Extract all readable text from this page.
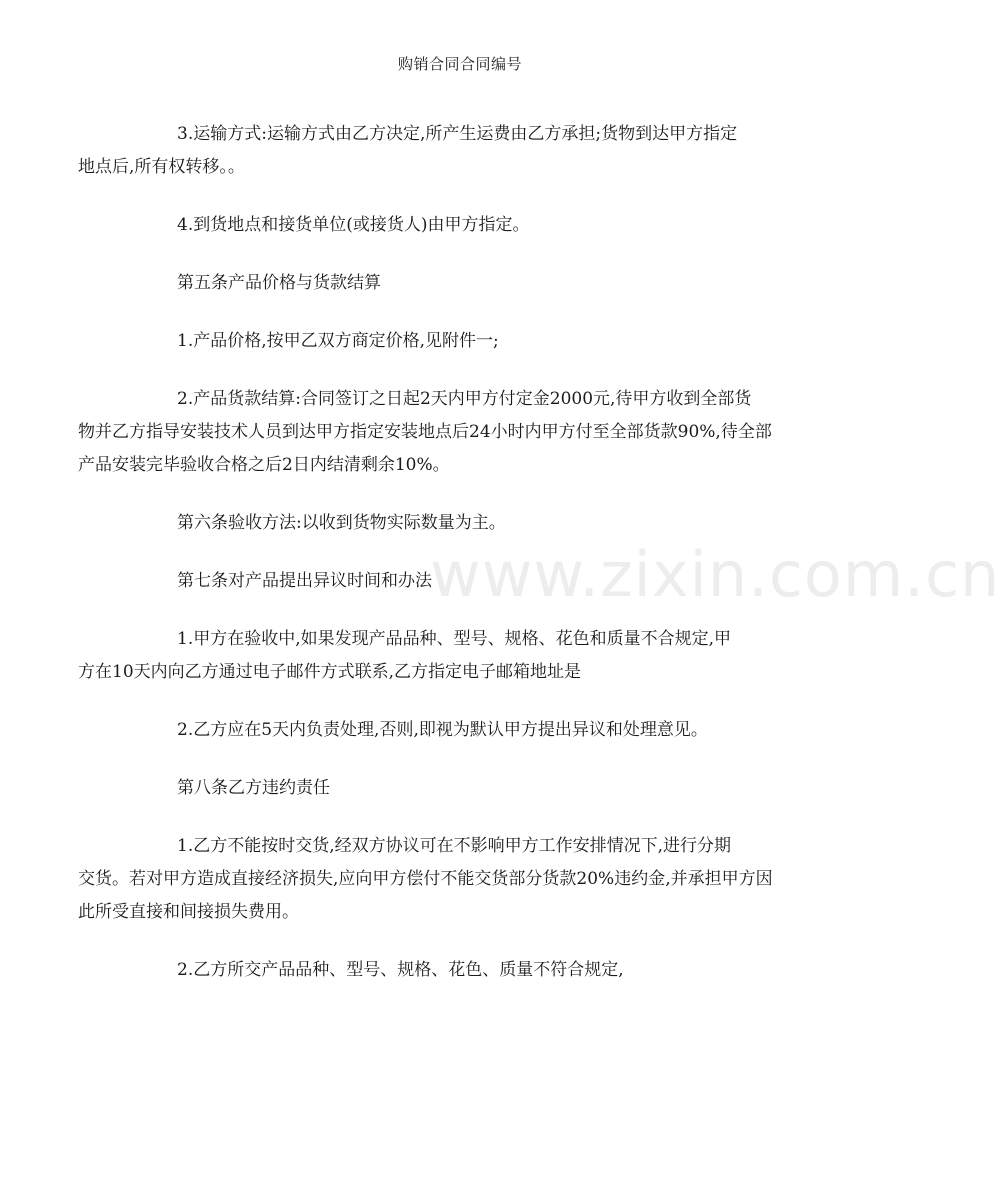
购销合同合同编号
www.zixin.com.cn
3.运输方式:运输方式由乙方决定,所产生运费由乙方承担;货物到达甲方指定
地点后,所有权转移。。
4.到货地点和接货单位(或接货人)由甲方指定。
第五条产品价格与货款结算
1.产品价格,按甲乙双方商定价格,见附件一;
2.产品货款结算:合同签订之日起2天内甲方付定金2000元,待甲方收到全部货
物并乙方指导安装技术人员到达甲方指定安装地点后24小时内甲方付至全部货款90%,待全部产品安装完毕验收合格之后2日内结清剩余10%。
第六条验收方法:以收到货物实际数量为主。
第七条对产品提出异议时间和办法
1.甲方在验收中,如果发现产品品种、型号、规格、花色和质量不合规定,甲
方在10天内向乙方通过电子邮件方式联系,乙方指定电子邮箱地址是
2.乙方应在5天内负责处理,否则,即视为默认甲方提出异议和处理意见。
第八条乙方违约责任
1.乙方不能按时交货,经双方协议可在不影响甲方工作安排情况下,进行分期
交货。若对甲方造成直接经济损失,应向甲方偿付不能交货部分货款20%违约金,并承担甲方因此所受直接和间接损失费用。
2.乙方所交产品品种、型号、规格、花色、质量不符合规定,
